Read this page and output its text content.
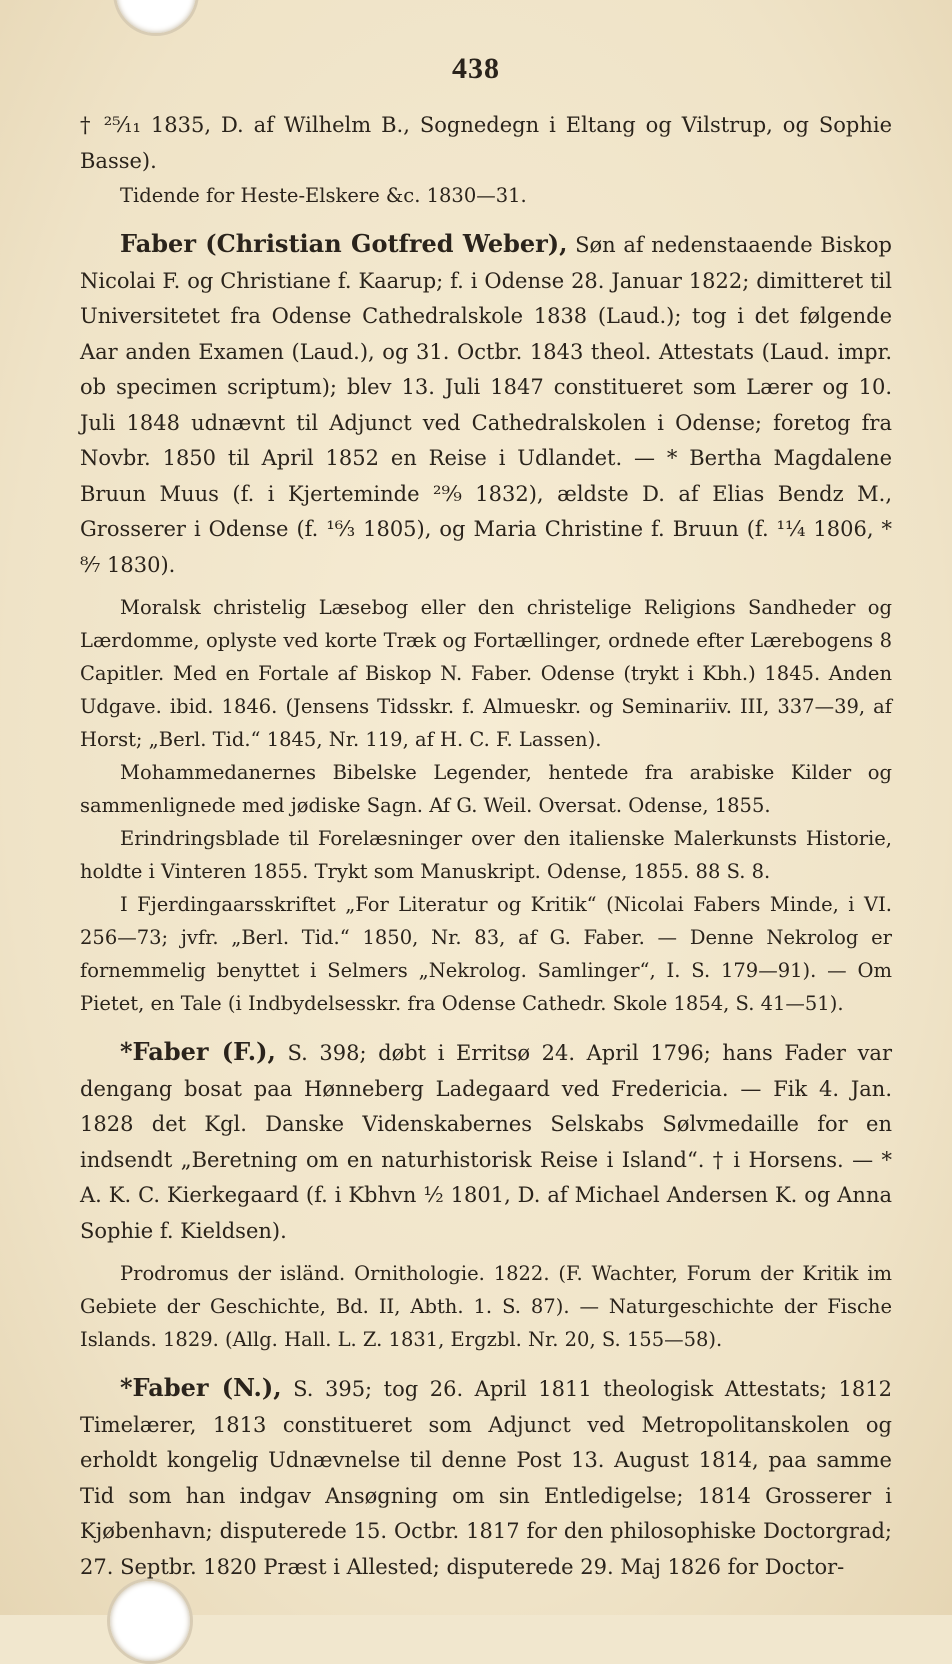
438

† ²⁵⁄₁₁ 1835, D. af Wilhelm B., Sognedegn i Eltang og Vilstrup, og Sophie Basse).

Tidende for Heste-Elskere &c. 1830—31.

Faber (Christian Gotfred Weber), Søn af nedenstaaende Biskop Nicolai F. og Christiane f. Kaarup; f. i Odense 28. Januar 1822; dimitteret til Universitetet fra Odense Cathedralskole 1838 (Laud.); tog i det følgende Aar anden Examen (Laud.), og 31. Octbr. 1843 theol. Attestats (Laud. impr. ob specimen scriptum); blev 13. Juli 1847 constitueret som Lærer og 10. Juli 1848 udnævnt til Adjunct ved Cathedralskolen i Odense; foretog fra Novbr. 1850 til April 1852 en Reise i Udlandet. — * Bertha Magdalene Bruun Muus (f. i Kjerteminde ²⁹⁄₉ 1832), ældste D. af Elias Bendz M., Grosserer i Odense (f. ¹⁶⁄₃ 1805), og Maria Christine f. Bruun (f. ¹¹⁄₄ 1806, * ⁸⁄₇ 1830).

Moralsk christelig Læsebog eller den christelige Religions Sandheder og Lærdomme, oplyste ved korte Træk og Fortællinger, ordnede efter Lærebogens 8 Capitler. Med en Fortale af Biskop N. Faber. Odense (trykt i Kbh.) 1845. Anden Udgave. ibid. 1846. (Jensens Tidsskr. f. Almueskr. og Seminariiv. III, 337—39, af Horst; „Berl. Tid.“ 1845, Nr. 119, af H. C. F. Lassen).

Mohammedanernes Bibelske Legender, hentede fra arabiske Kilder og sammenlignede med jødiske Sagn. Af G. Weil. Oversat. Odense, 1855.

Erindringsblade til Forelæsninger over den italienske Malerkunsts Historie, holdte i Vinteren 1855. Trykt som Manuskript. Odense, 1855. 88 S. 8.

I Fjerdingaarsskriftet „For Literatur og Kritik“ (Nicolai Fabers Minde, i VI. 256—73; jvfr. „Berl. Tid.“ 1850, Nr. 83, af G. Faber. — Denne Nekrolog er fornemmelig benyttet i Selmers „Nekrolog. Samlinger“, I. S. 179—91). — Om Pietet, en Tale (i Indbydelsesskr. fra Odense Cathedr. Skole 1854, S. 41—51).

*Faber (F.), S. 398; døbt i Erritsø 24. April 1796; hans Fader var dengang bosat paa Hønneberg Ladegaard ved Fredericia. — Fik 4. Jan. 1828 det Kgl. Danske Videnskabernes Selskabs Sølvmedaille for en indsendt „Beretning om en naturhistorisk Reise i Island“. † i Horsens. — * A. K. C. Kierkegaard (f. i Kbhvn ½ 1801, D. af Michael Andersen K. og Anna Sophie f. Kieldsen).

Prodromus der isländ. Ornithologie. 1822. (F. Wachter, Forum der Kritik im Gebiete der Geschichte, Bd. II, Abth. 1. S. 87). — Naturgeschichte der Fische Islands. 1829. (Allg. Hall. L. Z. 1831, Ergzbl. Nr. 20, S. 155—58).

*Faber (N.), S. 395; tog 26. April 1811 theologisk Attestats; 1812 Timelærer, 1813 constitueret som Adjunct ved Metropolitanskolen og erholdt kongelig Udnævnelse til denne Post 13. August 1814, paa samme Tid som han indgav Ansøgning om sin Entledigelse; 1814 Grosserer i Kjøbenhavn; disputerede 15. Octbr. 1817 for den philosophiske Doctorgrad; 27. Septbr. 1820 Præst i Allested; disputerede 29. Maj 1826 for Doctor-
